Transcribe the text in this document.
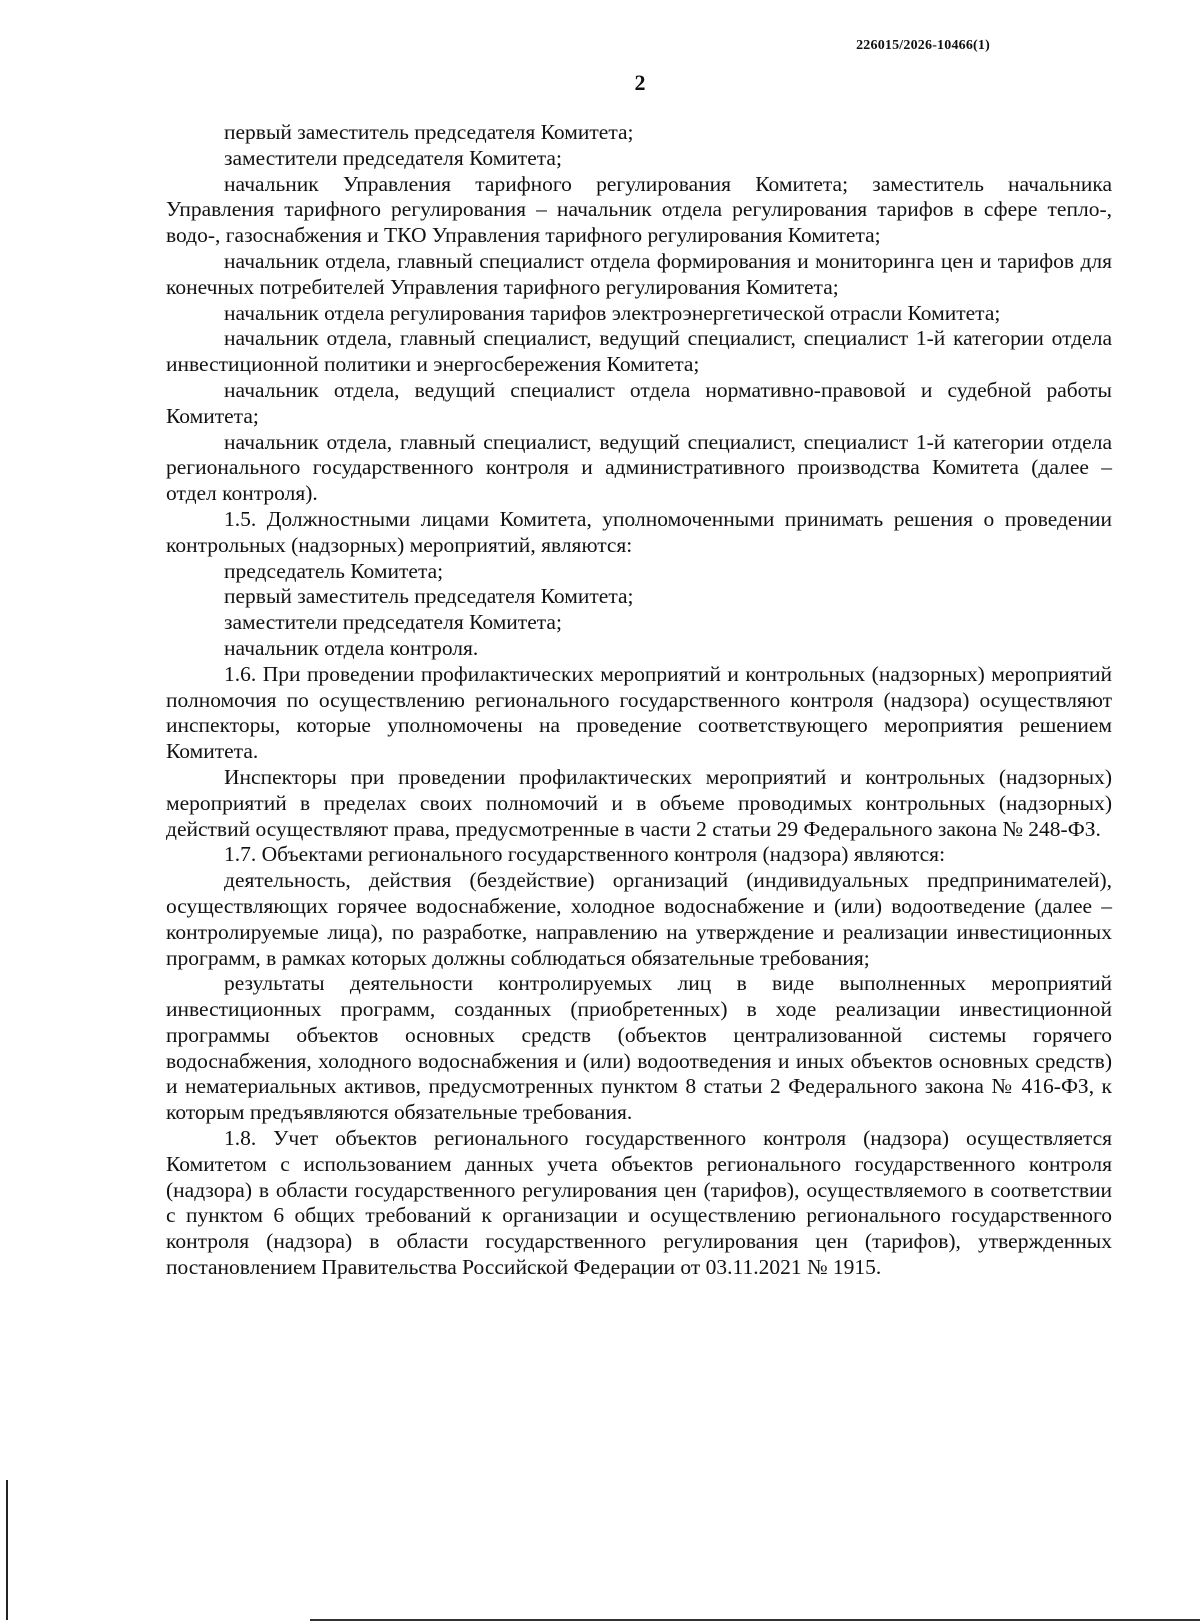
226015/2026-10466(1)
2

первый заместитель председателя Комитета;

заместители председателя Комитета;

начальник Управления тарифного регулирования Комитета; заместитель начальника Управления тарифного регулирования – начальник отдела регулирования тарифов в сфере тепло-, водо-, газоснабжения и ТКО Управления тарифного регулирования Комитета;

начальник отдела, главный специалист отдела формирования и мониторинга цен и тарифов для конечных потребителей Управления тарифного регулирования Комитета;

начальник отдела регулирования тарифов электроэнергетической отрасли Комитета;

начальник отдела, главный специалист, ведущий специалист, специалист 1-й категории отдела инвестиционной политики и энергосбережения Комитета;

начальник отдела, ведущий специалист отдела нормативно-правовой и судебной работы Комитета;

начальник отдела, главный специалист, ведущий специалист, специалист 1-й категории отдела регионального государственного контроля и административного производства Комитета (далее – отдел контроля).

1.5. Должностными лицами Комитета, уполномоченными принимать решения о проведении контрольных (надзорных) мероприятий, являются:

председатель Комитета;

первый заместитель председателя Комитета;

заместители председателя Комитета;

начальник отдела контроля.

1.6. При проведении профилактических мероприятий и контрольных (надзорных) мероприятий полномочия по осуществлению регионального государственного контроля (надзора) осуществляют инспекторы, которые уполномочены на проведение соответствующего мероприятия решением Комитета.

Инспекторы при проведении профилактических мероприятий и контрольных (надзорных) мероприятий в пределах своих полномочий и в объеме проводимых контрольных (надзорных) действий осуществляют права, предусмотренные в части 2 статьи 29 Федерального закона № 248-ФЗ.

1.7. Объектами регионального государственного контроля (надзора) являются:

деятельность, действия (бездействие) организаций (индивидуальных предпринимателей), осуществляющих горячее водоснабжение, холодное водоснабжение и (или) водоотведение (далее – контролируемые лица), по разработке, направлению на утверждение и реализации инвестиционных программ, в рамках которых должны соблюдаться обязательные требования;

результаты деятельности контролируемых лиц в виде выполненных мероприятий инвестиционных программ, созданных (приобретенных) в ходе реализации инвестиционной программы объектов основных средств (объектов централизованной системы горячего водоснабжения, холодного водоснабжения и (или) водоотведения и иных объектов основных средств) и нематериальных активов, предусмотренных пунктом 8 статьи 2 Федерального закона № 416-ФЗ, к которым предъявляются обязательные требования.

1.8. Учет объектов регионального государственного контроля (надзора) осуществляется Комитетом с использованием данных учета объектов регионального государственного контроля (надзора) в области государственного регулирования цен (тарифов), осуществляемого в соответствии с пунктом 6 общих требований к организации и осуществлению регионального государственного контроля (надзора) в области государственного регулирования цен (тарифов), утвержденных постановлением Правительства Российской Федерации от 03.11.2021 № 1915.
